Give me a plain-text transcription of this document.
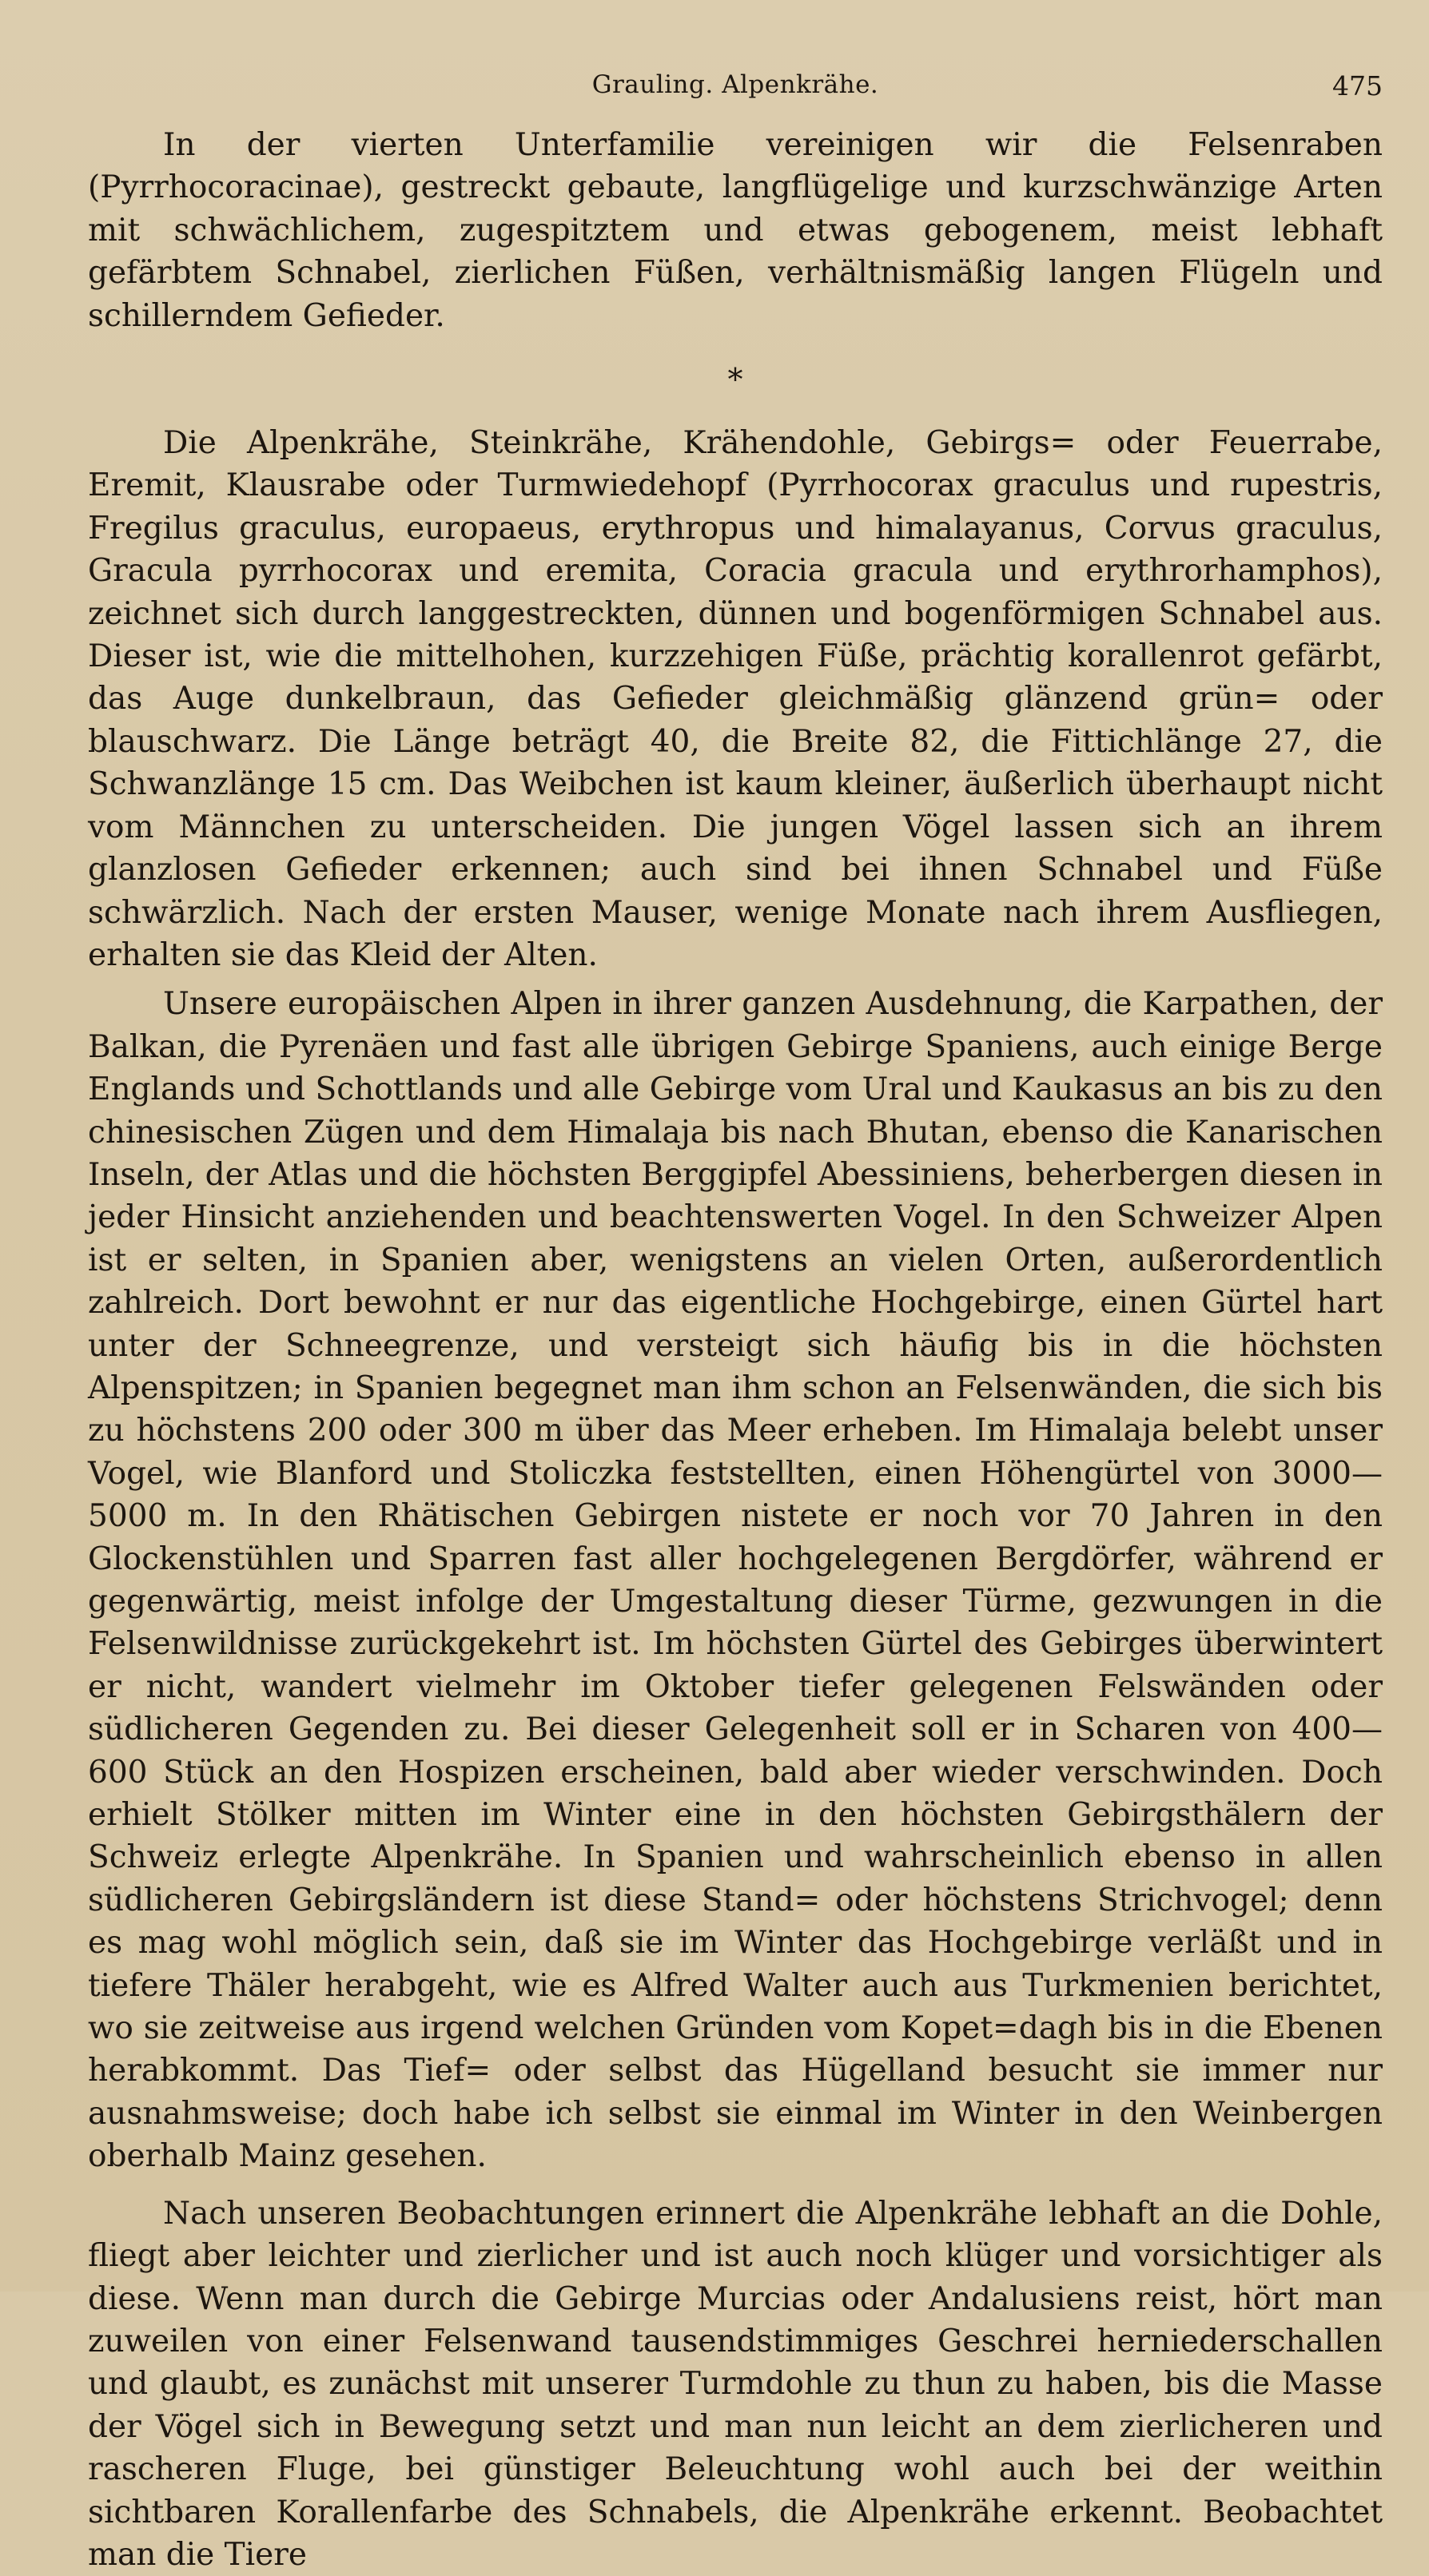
Grauling. Alpenkrähe.	475

In der vierten Unterfamilie vereinigen wir die Felsenraben (Pyrrhocoracinae), gestreckt gebaute, langflügelige und kurzschwänzige Arten mit schwächlichem, zugespitztem und etwas gebogenem, meist lebhaft gefärbtem Schnabel, zierlichen Füßen, verhältnismäßig langen Flügeln und schillerndem Gefieder.

*

Die Alpenkrähe, Steinkrähe, Krähendohle, Gebirgs= oder Feuerrabe, Eremit, Klausrabe oder Turmwiedehopf (Pyrrhocorax graculus und rupestris, Fregilus graculus, europaeus, erythropus und himalayanus, Corvus graculus, Gracula pyrrhocorax und eremita, Coracia gracula und erythrorhamphos), zeichnet sich durch langgestreckten, dünnen und bogenförmigen Schnabel aus. Dieser ist, wie die mittelhohen, kurzzehigen Füße, prächtig korallenrot gefärbt, das Auge dunkelbraun, das Gefieder gleichmäßig glänzend grün= oder blauschwarz. Die Länge beträgt 40, die Breite 82, die Fittichlänge 27, die Schwanzlänge 15 cm. Das Weibchen ist kaum kleiner, äußerlich überhaupt nicht vom Männchen zu unterscheiden. Die jungen Vögel lassen sich an ihrem glanzlosen Gefieder erkennen; auch sind bei ihnen Schnabel und Füße schwärzlich. Nach der ersten Mauser, wenige Monate nach ihrem Ausfliegen, erhalten sie das Kleid der Alten.

Unsere europäischen Alpen in ihrer ganzen Ausdehnung, die Karpathen, der Balkan, die Pyrenäen und fast alle übrigen Gebirge Spaniens, auch einige Berge Englands und Schottlands und alle Gebirge vom Ural und Kaukasus an bis zu den chinesischen Zügen und dem Himalaja bis nach Bhutan, ebenso die Kanarischen Inseln, der Atlas und die höchsten Berggipfel Abessiniens, beherbergen diesen in jeder Hinsicht anziehenden und beachtenswerten Vogel. In den Schweizer Alpen ist er selten, in Spanien aber, wenigstens an vielen Orten, außerordentlich zahlreich. Dort bewohnt er nur das eigentliche Hochgebirge, einen Gürtel hart unter der Schneegrenze, und versteigt sich häufig bis in die höchsten Alpenspitzen; in Spanien begegnet man ihm schon an Felsenwänden, die sich bis zu höchstens 200 oder 300 m über das Meer erheben. Im Himalaja belebt unser Vogel, wie Blanford und Stoliczka feststellten, einen Höhengürtel von 3000—5000 m. In den Rhätischen Gebirgen nistete er noch vor 70 Jahren in den Glockenstühlen und Sparren fast aller hochgelegenen Bergdörfer, während er gegenwärtig, meist infolge der Umgestaltung dieser Türme, gezwungen in die Felsenwildnisse zurückgekehrt ist. Im höchsten Gürtel des Gebirges überwintert er nicht, wandert vielmehr im Oktober tiefer gelegenen Felswänden oder südlicheren Gegenden zu. Bei dieser Gelegenheit soll er in Scharen von 400—600 Stück an den Hospizen erscheinen, bald aber wieder verschwinden. Doch erhielt Stölker mitten im Winter eine in den höchsten Gebirgsthälern der Schweiz erlegte Alpenkrähe. In Spanien und wahrscheinlich ebenso in allen südlicheren Gebirgsländern ist diese Stand= oder höchstens Strichvogel; denn es mag wohl möglich sein, daß sie im Winter das Hochgebirge verläßt und in tiefere Thäler herabgeht, wie es Alfred Walter auch aus Turkmenien berichtet, wo sie zeitweise aus irgend welchen Gründen vom Kopet=dagh bis in die Ebenen herabkommt. Das Tief= oder selbst das Hügelland besucht sie immer nur ausnahmsweise; doch habe ich selbst sie einmal im Winter in den Weinbergen oberhalb Mainz gesehen.

Nach unseren Beobachtungen erinnert die Alpenkrähe lebhaft an die Dohle, fliegt aber leichter und zierlicher und ist auch noch klüger und vorsichtiger als diese. Wenn man durch die Gebirge Murcias oder Andalusiens reist, hört man zuweilen von einer Felsenwand tausendstimmiges Geschrei herniederschallen und glaubt, es zunächst mit unserer Turmdohle zu thun zu haben, bis die Masse der Vögel sich in Bewegung setzt und man nun leicht an dem zierlicheren und rascheren Fluge, bei günstiger Beleuchtung wohl auch bei der weithin sichtbaren Korallenfarbe des Schnabels, die Alpenkrähe erkennt. Beobachtet man die Tiere
